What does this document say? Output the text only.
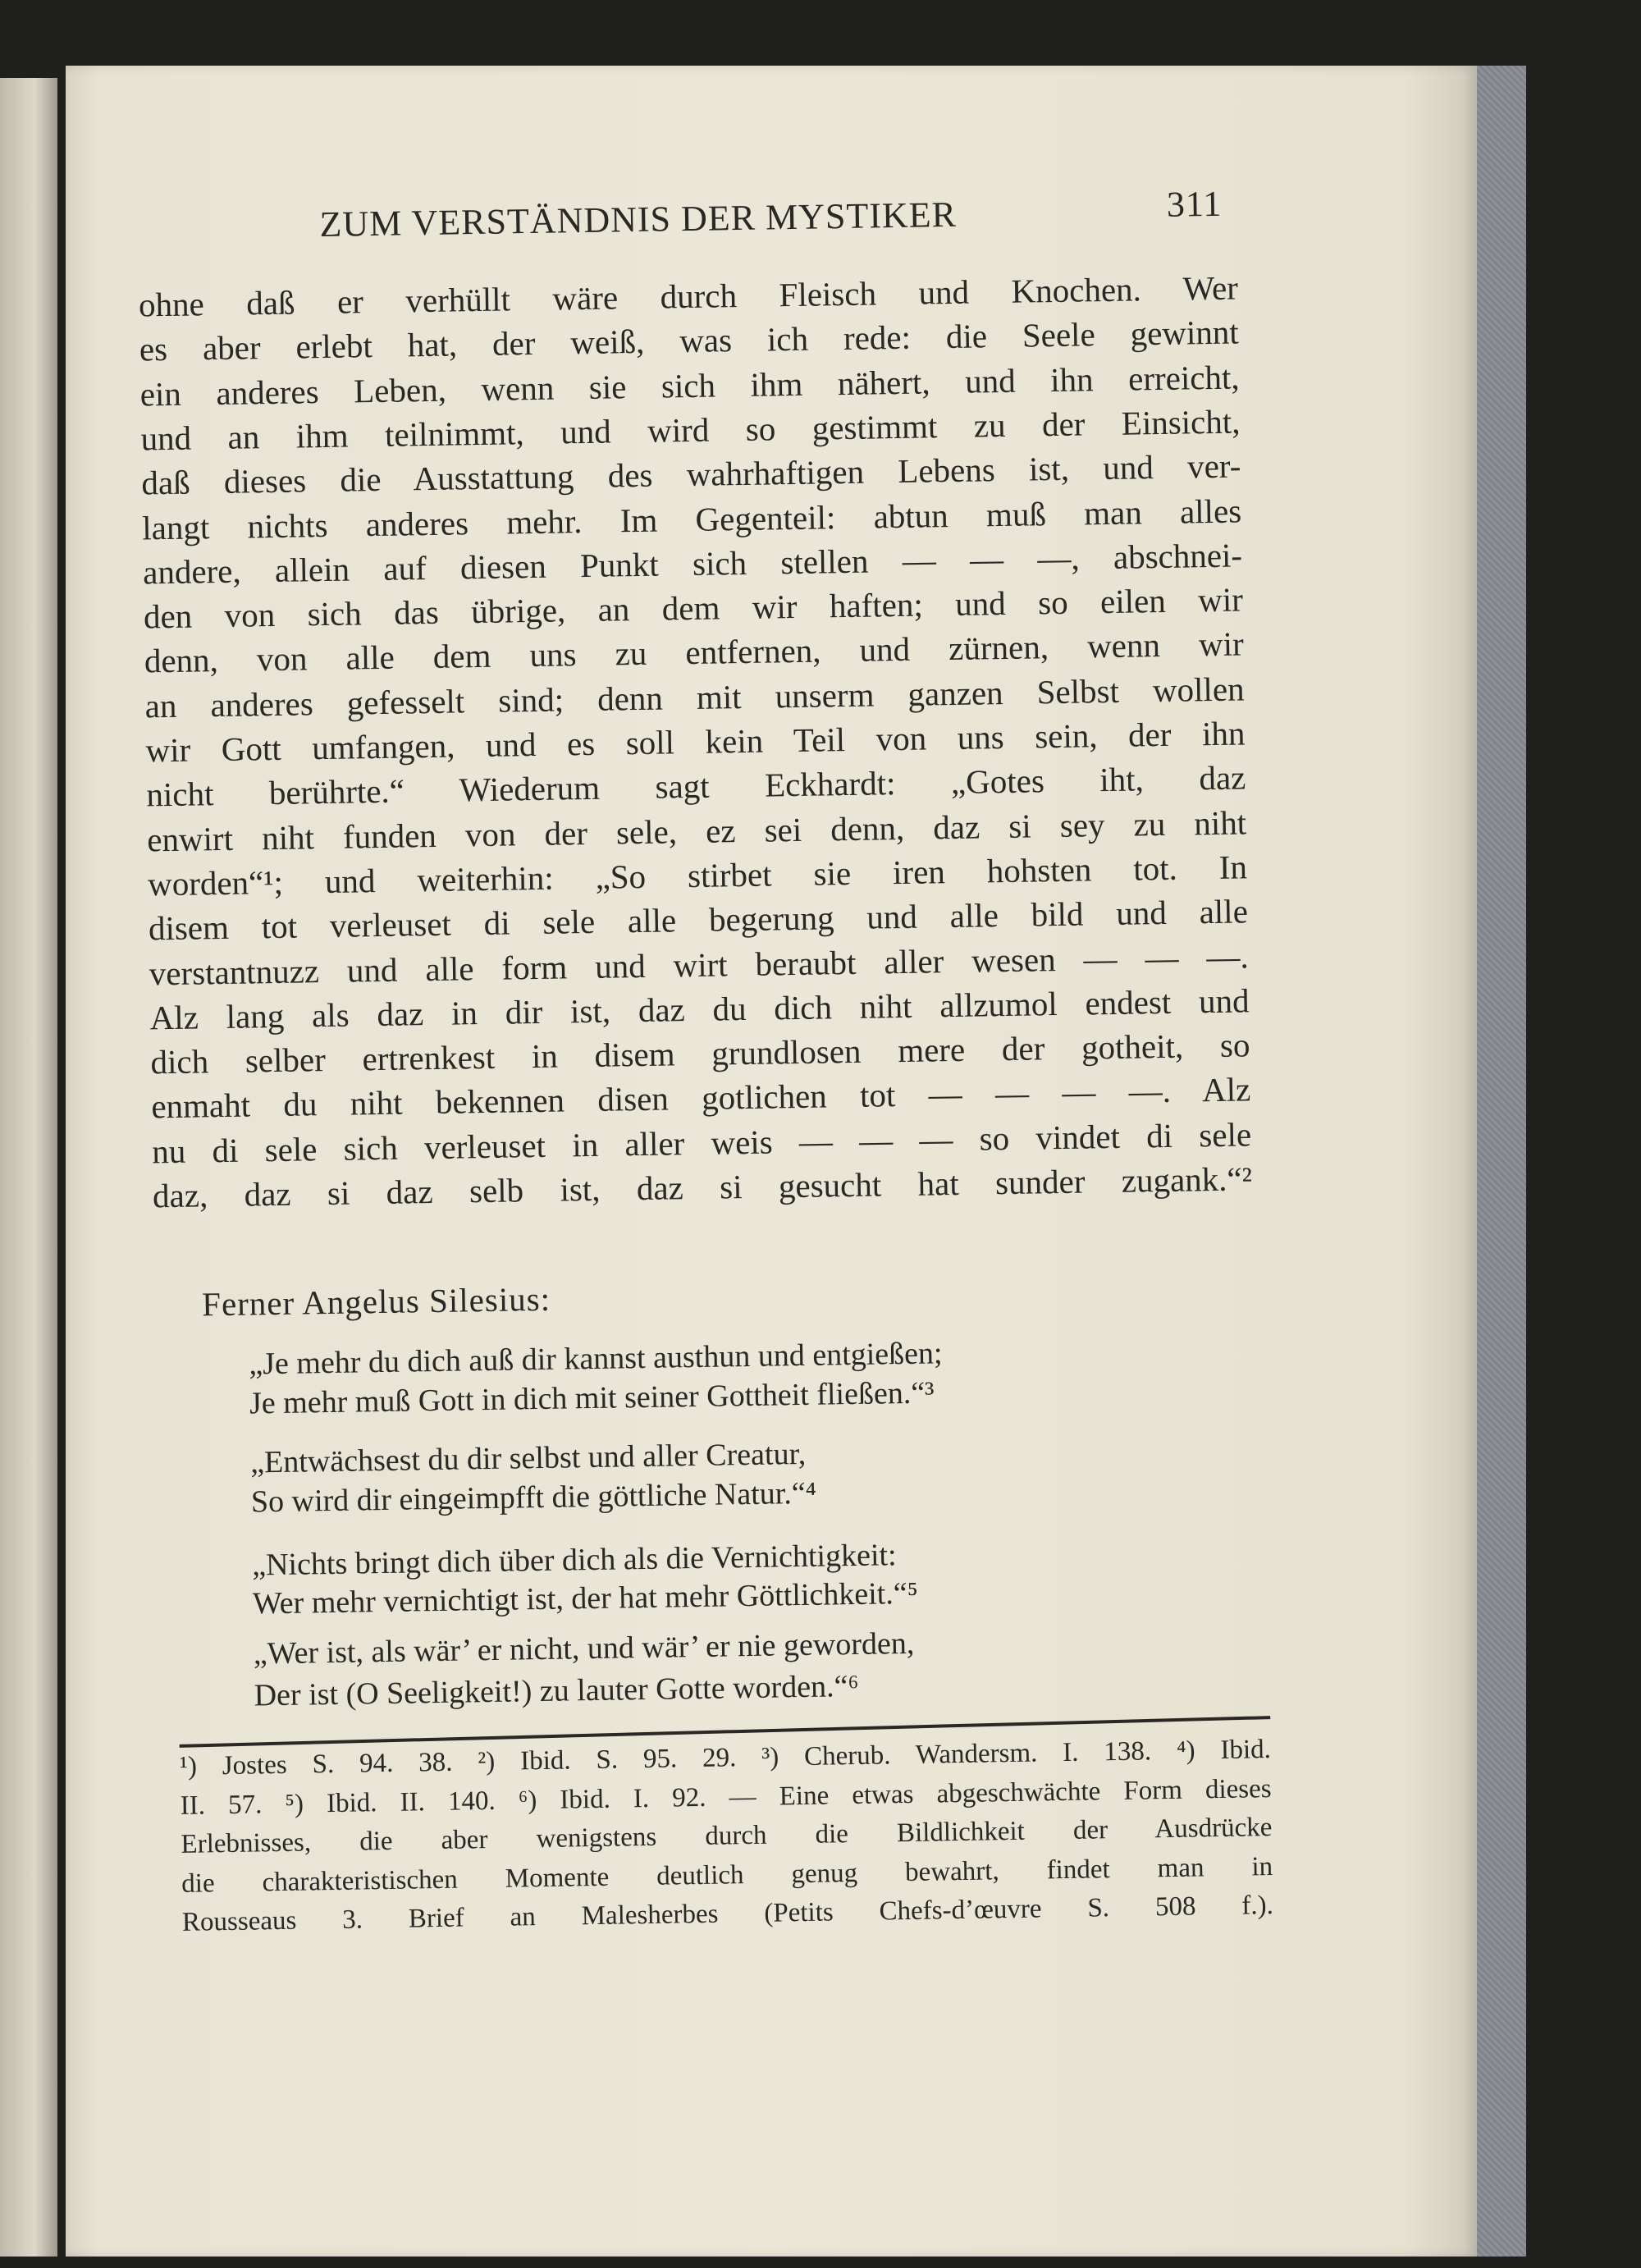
ZUM VERSTÄNDNIS DER MYSTIKER	311
Ferner Angelus Silesius:
ohne daß er verhüllt wäre durch Fleisch und Knochen. Wer
es aber erlebt hat, der weiß, was ich rede: die Seele gewinnt
ein anderes Leben, wenn sie sich ihm nähert, und ihn erreicht,
und an ihm teilnimmt, und wird so gestimmt zu der Einsicht,
daß dieses die Ausstattung des wahrhaftigen Lebens ist, und ver-
langt nichts anderes mehr. Im Gegenteil: abtun muß man alles
andere, allein auf diesen Punkt sich stellen — — —, abschnei-
den von sich das übrige, an dem wir haften; und so eilen wir
denn, von alle dem uns zu entfernen, und zürnen, wenn wir
an anderes gefesselt sind; denn mit unserm ganzen Selbst wollen
wir Gott umfangen, und es soll kein Teil von uns sein, der ihn
nicht berührte.“ Wiederum sagt Eckhardt: „Gotes iht, daz
enwirt niht funden von der sele, ez sei denn, daz si sey zu niht
worden“¹; und weiterhin: „So stirbet sie iren hohsten tot. In
disem tot verleuset di sele alle begerung und alle bild und alle
verstantnuzz und alle form und wirt beraubt aller wesen — — —.
Alz lang als daz in dir ist, daz du dich niht allzumol endest und
dich selber ertrenkest in disem grundlosen mere der gotheit, so
enmaht du niht bekennen disen gotlichen tot — — — —. Alz
nu di sele sich verleuset in aller weis — — — so vindet di sele
daz, daz si daz selb ist, daz si gesucht hat sunder zugank.“²
„Je mehr du dich auß dir kannst austhun und entgießen;
Je mehr muß Gott in dich mit seiner Gottheit fließen.“³
„Entwächsest du dir selbst und aller Creatur,
So wird dir eingeimpfft die göttliche Natur.“⁴
„Nichts bringt dich über dich als die Vernichtigkeit:
Wer mehr vernichtigt ist, der hat mehr Göttlichkeit.“⁵
„Wer ist, als wär’ er nicht, und wär’ er nie geworden,
Der ist (O Seeligkeit!) zu lauter Gotte worden.“⁶
¹) Jostes S. 94. 38. ²) Ibid. S. 95. 29. ³) Cherub. Wandersm. I. 138. ⁴) Ibid.
II. 57. ⁵) Ibid. II. 140. ⁶) Ibid. I. 92. — Eine etwas abgeschwächte Form dieses
Erlebnisses, die aber wenigstens durch die Bildlichkeit der Ausdrücke
die charakteristischen Momente deutlich genug bewahrt, findet man in
Rousseaus 3. Brief an Malesherbes (Petits Chefs-d’œuvre S. 508 f.).
